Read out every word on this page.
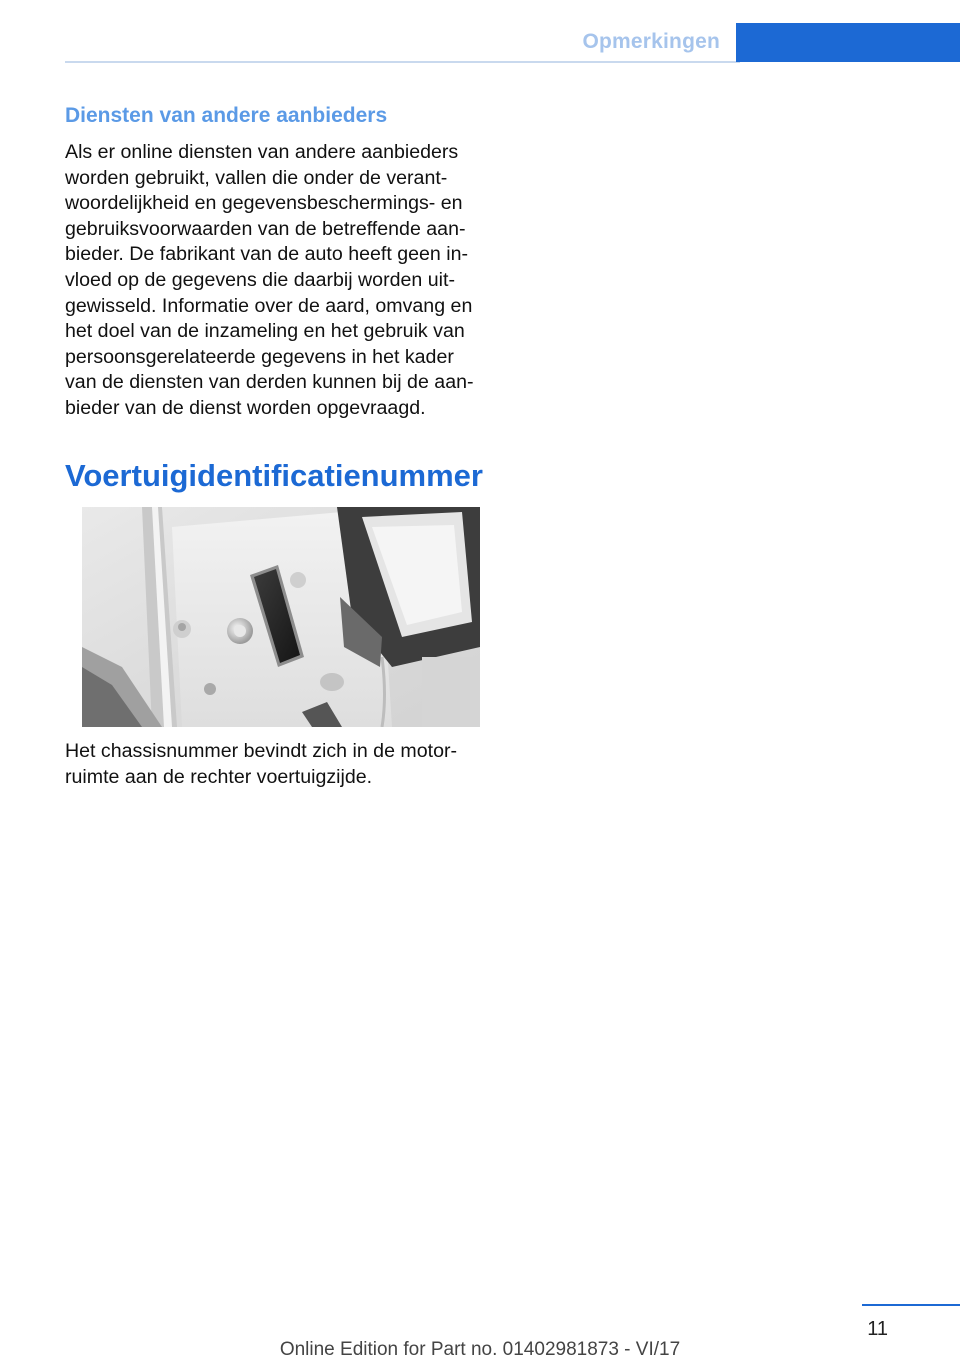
Opmerkingen
Diensten van andere aanbieders

Als er online diensten van andere aanbieders worden gebruikt, vallen die onder de verantwoordelijkheid en gegevensbeschermings- en gebruiksvoorwaarden van de betreffende aanbieder. De fabrikant van de auto heeft geen invloed op de gegevens die daarbij worden uitgewisseld. Informatie over de aard, omvang en het doel van de inzameling en het gebruik van persoonsgerelateerde gegevens in het kader van de diensten van derden kunnen bij de aanbieder van de dienst worden opgevraagd.

Voertuigidentificatienummer

Het chassisnummer bevindt zich in de motorruimte aan de rechter voertuigzijde.

11
Online Edition for Part no. 01402981873 - VI/17
